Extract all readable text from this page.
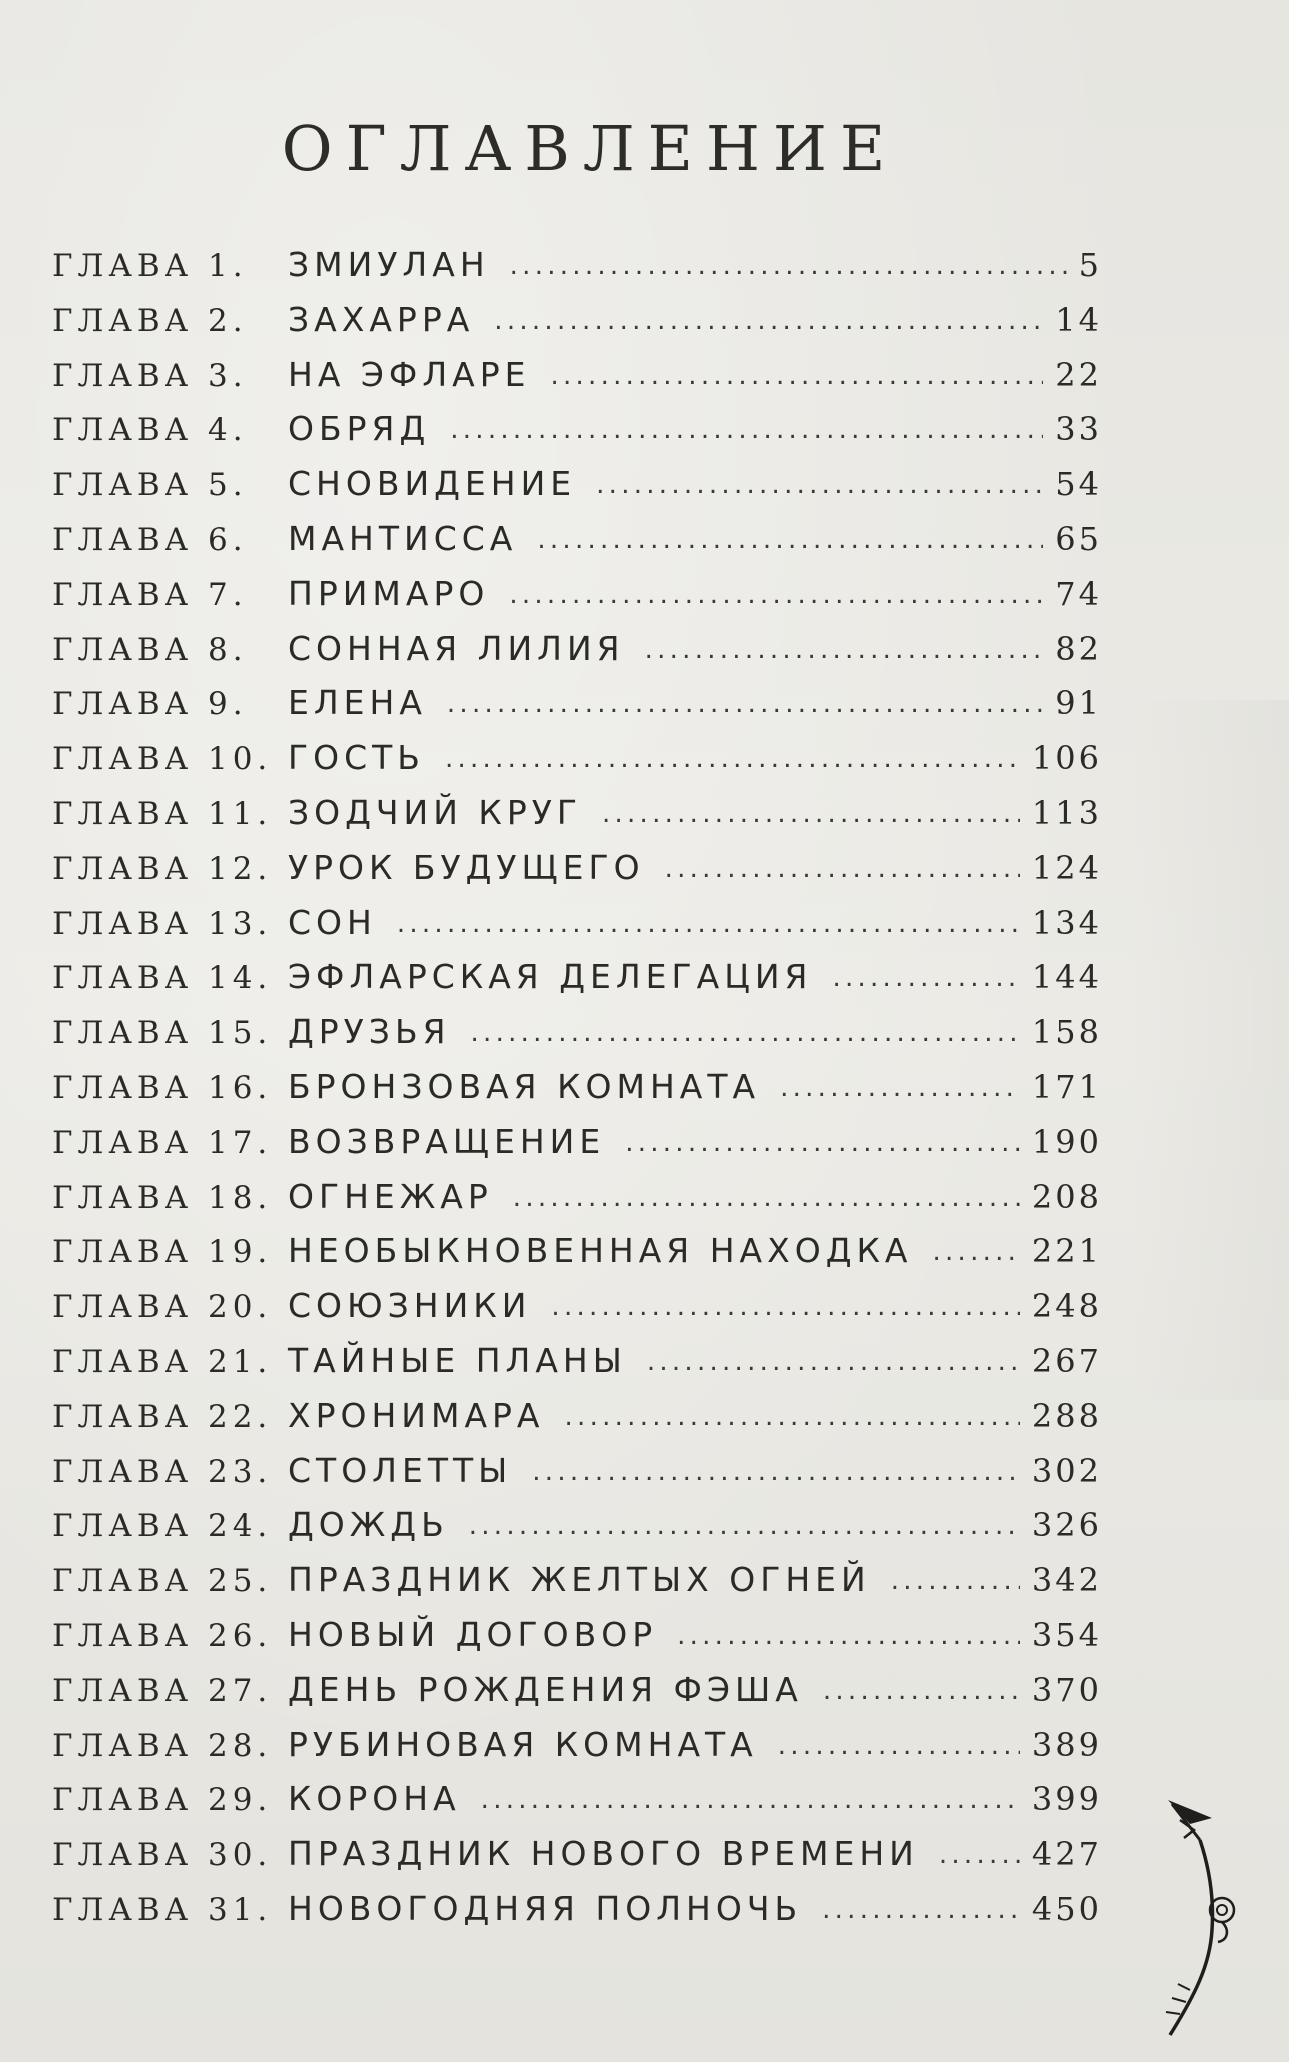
ОГЛАВЛЕНИЕ
ГЛАВА 1.	ЗМИУЛАН . . .	5
ГЛАВА 2.	ЗАХАРРА . . .	14
ГЛАВА 3.	НА ЭФЛАРЕ . . .	22
ГЛАВА 4.	ОБРЯД . . .	33
ГЛАВА 5.	СНОВИДЕНИЕ . . .	54
ГЛАВА 6.	МАНТИССА . . .	65
ГЛАВА 7.	ПРИМАРО . . .	74
ГЛАВА 8.	СОННАЯ ЛИЛИЯ . . .	82
ГЛАВА 9.	ЕЛЕНА . . .	91
ГЛАВА 10. ГОСТЬ . . .	106
ГЛАВА 11. ЗОДЧИЙ КРУГ . . .	113
ГЛАВА 12. УРОК БУДУЩЕГО . . .	124
ГЛАВА 13. СОН . . .	134
ГЛАВА 14. ЭФЛАРСКАЯ ДЕЛЕГАЦИЯ . . .	144
ГЛАВА 15. ДРУЗЬЯ . . .	158
ГЛАВА 16. БРОНЗОВАЯ КОМНАТА . . .	171
ГЛАВА 17. ВОЗВРАЩЕНИЕ . . .	190
ГЛАВА 18. ОГНЕЖАР . . .	208
ГЛАВА 19. НЕОБЫКНОВЕННАЯ НАХОДКА . . .	221
ГЛАВА 20. СОЮЗНИКИ . . .	248
ГЛАВА 21. ТАЙНЫЕ ПЛАНЫ . . .	267
ГЛАВА 22. ХРОНИМАРА . . .	288
ГЛАВА 23. СТОЛЕТТЫ . . .	302
ГЛАВА 24. ДОЖДЬ . . .	326
ГЛАВА 25. ПРАЗДНИК ЖЕЛТЫХ ОГНЕЙ . . .	342
ГЛАВА 26. НОВЫЙ ДОГОВОР . . .	354
ГЛАВА 27. ДЕНЬ РОЖДЕНИЯ ФЭША . . .	370
ГЛАВА 28. РУБИНОВАЯ КОМНАТА . . .	389
ГЛАВА 29. КОРОНА . . .	399
ГЛАВА 30. ПРАЗДНИК НОВОГО ВРЕМЕНИ . . .	427
ГЛАВА 31. НОВОГОДНЯЯ ПОЛНОЧЬ . . .	450
